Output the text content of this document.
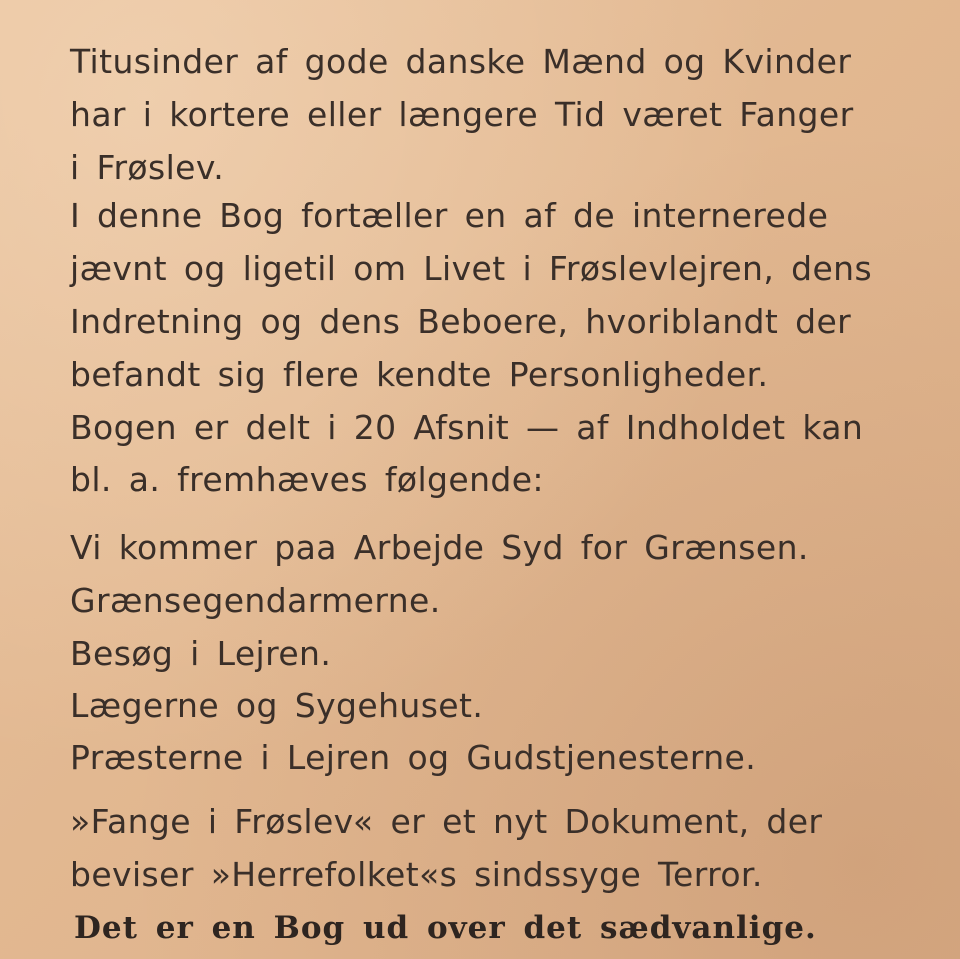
Titusinder af gode danske Mænd og Kvinder
har i kortere eller længere Tid været Fanger
i Frøslev.
I denne Bog fortæller en af de internerede
jævnt og ligetil om Livet i Frøslevlejren, dens
Indretning og dens Beboere, hvoriblandt der
befandt sig flere kendte Personligheder.
Bogen er delt i 20 Afsnit — af Indholdet kan
bl. a. fremhæves følgende:
Vi kommer paa Arbejde Syd for Grænsen.
Grænsegendarmerne.
Besøg i Lejren.
Lægerne og Sygehuset.
Præsterne i Lejren og Gudstjenesterne.
»Fange i Frøslev« er et nyt Dokument, der
beviser »Herrefolket«s sindssyge Terror.
Det er en Bog ud over det sædvanlige.
